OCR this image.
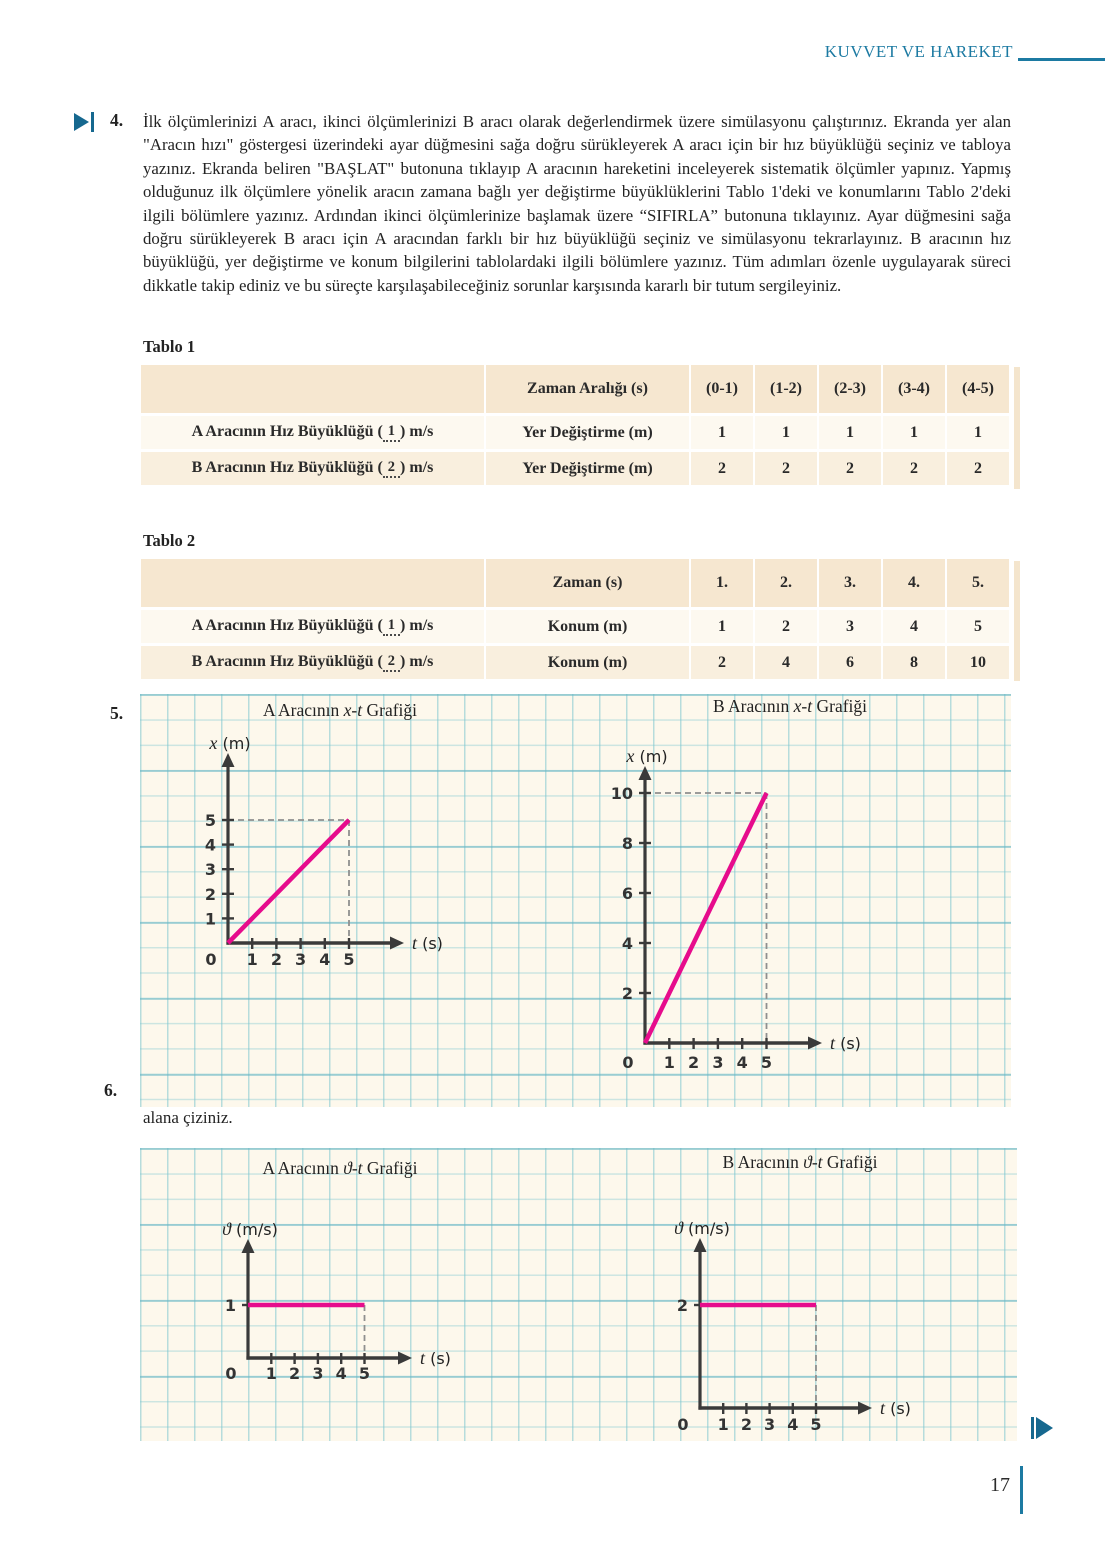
KUVVET VE HAREKET
4. İlk ölçümlerinizi A aracı, ikinci ölçümlerinizi B aracı olarak değerlendirmek üzere simülasyonu çalıştırınız. Ekranda yer alan "Aracın hızı" göstergesi üzerindeki ayar düğmesini sağa doğru sürükleyerek A aracı için bir hız büyüklüğü seçiniz ve tabloya yazınız. Ekranda beliren "BAŞLAT" butonuna tıklayıp A aracının hareketini inceleyerek sistematik ölçümler yapınız. Yapmış olduğunuz ilk ölçümlere yönelik aracın zamana bağlı yer değiştirme büyüklüklerini Tablo 1'deki ve konumlarını Tablo 2'deki ilgili bölümlere yazınız. Ardından ikinci ölçümlerinize başlamak üzere “SIFIRLA” butonuna tıklayınız. Ayar düğmesini sağa doğru sürükleyerek B aracı için A aracından farklı bir hız büyüklüğü seçiniz ve simülasyonu tekrarlayınız. B aracının hız büyüklüğü, yer değiştirme ve konum bilgilerini tablolardaki ilgili bölümlere yazınız. Tüm adımları özenle uygulayarak süreci dikkatle takip ediniz ve bu süreçte karşılaşabileceğiniz sorunlar karşısında kararlı bir tutum sergileyiniz.
Tablo 1
	Zaman Aralığı (s)	(0-1)	(1-2)	(2-3)	(3-4)	(4-5)
A Aracının Hız Büyüklüğü ( 1 ) m/s	Yer Değiştirme (m)	1	1	1	1	1
B Aracının Hız Büyüklüğü ( 2 ) m/s	Yer Değiştirme (m)	2	2	2	2	2
Tablo 2
	Zaman (s)	1.	2.	3.	4.	5.
A Aracının Hız Büyüklüğü ( 1 ) m/s	Konum (m)	1	2	3	4	5
B Aracının Hız Büyüklüğü ( 2 ) m/s	Konum (m)	2	4	6	8	10
5.	A Aracının x-t Grafiği	B Aracının x-t Grafiği
1 2 3 4 5
1
2
3
4
5
0
x (m)
t (s)
1 2 3 4 5
2
4
6
8
10
0
x (m)
t (s)
6.
alana çiziniz.
A Aracının ϑ-t Grafiği	B Aracının ϑ-t Grafiği
1 2 3 4 5
1
0
ϑ (m/s)
t (s)
1 2 3 4 5
2
0
ϑ (m/s)
t (s)
17
